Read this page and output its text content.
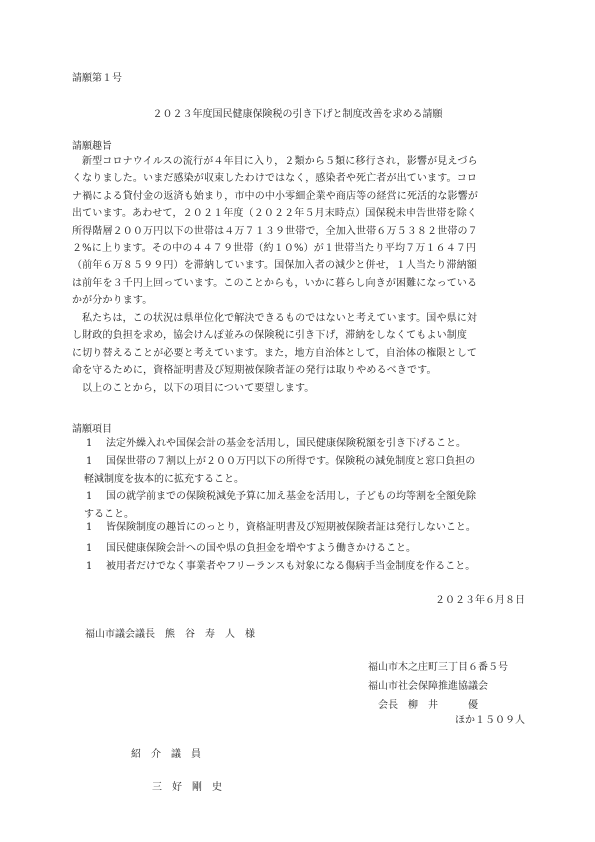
請願第１号
２０２３年度国民健康保険税の引き下げと制度改善を求める請願
請願趣旨
新型コロナウイルスの流行が４年目に入り，２類から５類に移行され，影響が見えづら
くなりました。いまだ感染が収束したわけではなく，感染者や死亡者が出ています。コロ
ナ禍による貸付金の返済も始まり，市中の中小零細企業や商店等の経営に死活的な影響が
出ています。あわせて，２０２１年度（２０２２年５月末時点）国保税未申告世帯を除く
所得階層２００万円以下の世帯は４万７１３９世帯で，全加入世帯６万５３８２世帯の７
２%に上ります。その中の４４７９世帯（約１０%）が１世帯当たり平均７万１６４７円
（前年６万８５９９円）を滞納しています。国保加入者の減少と併せ，１人当たり滞納額
は前年を３千円上回っています。このことからも，いかに暮らし向きが困難になっている
かが分かります。
私たちは，この状況は県単位化で解決できるものではないと考えています。国や県に対
し財政的負担を求め，協会けんぽ並みの保険税に引き下げ，滞納をしなくてもよい制度
に切り替えることが必要と考えています。また，地方自治体として，自治体の権限として
命を守るために，資格証明書及び短期被保険者証の発行は取りやめるべきです。
以上のことから，以下の項目について要望します。
請願項目
1 法定外繰入れや国保会計の基金を活用し，国民健康保険税額を引き下げること。
1 国保世帯の７割以上が２００万円以下の所得です。保険税の減免制度と窓口負担の
軽減制度を抜本的に拡充すること。
1 国の就学前までの保険税減免予算に加え基金を活用し，子どもの均等割を全額免除
すること。
1 皆保険制度の趣旨にのっとり，資格証明書及び短期被保険者証は発行しないこと。
1 国民健康保険会計への国や県の負担金を増やすよう働きかけること。
1 被用者だけでなく事業者やフリーランスも対象になる傷病手当金制度を作ること。
２０２３年６月８日
福山市議会議長　熊　谷　寿　人　様
福山市木之庄町三丁目６番５号
福山市社会保障推進協議会
会長　柳　井　　　優
ほか１５０９人
紹　介　議　員
三　好　剛　史
